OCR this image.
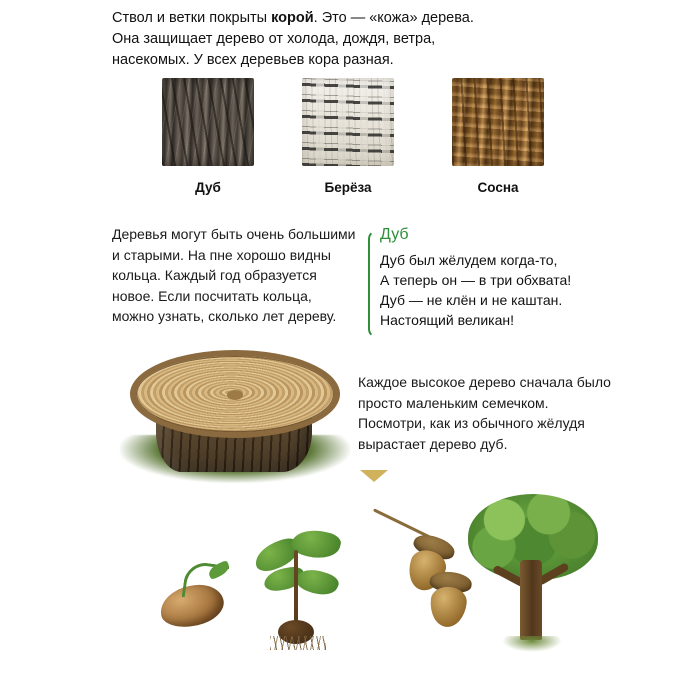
Ствол и ветки покрыты корой. Это — «кожа» дерева.
Она защищает дерево от холода, дождя, ветра,
насекомых. У всех деревьев кора разная.
Дуб	Берёза	Сосна
Деревья могут быть очень большими и старыми. На пне хорошо видны кольца. Каждый год образуется новое. Если посчитать кольца, можно узнать, сколько лет дереву.
Дуб
Дуб был жёлудем когда-то,
А теперь он — в три обхвата!
Дуб — не клён и не каштан.
Настоящий великан!
Каждое высокое дерево сначала было просто маленьким семечком. Посмотри, как из обычного жёлудя вырастает дерево дуб.
